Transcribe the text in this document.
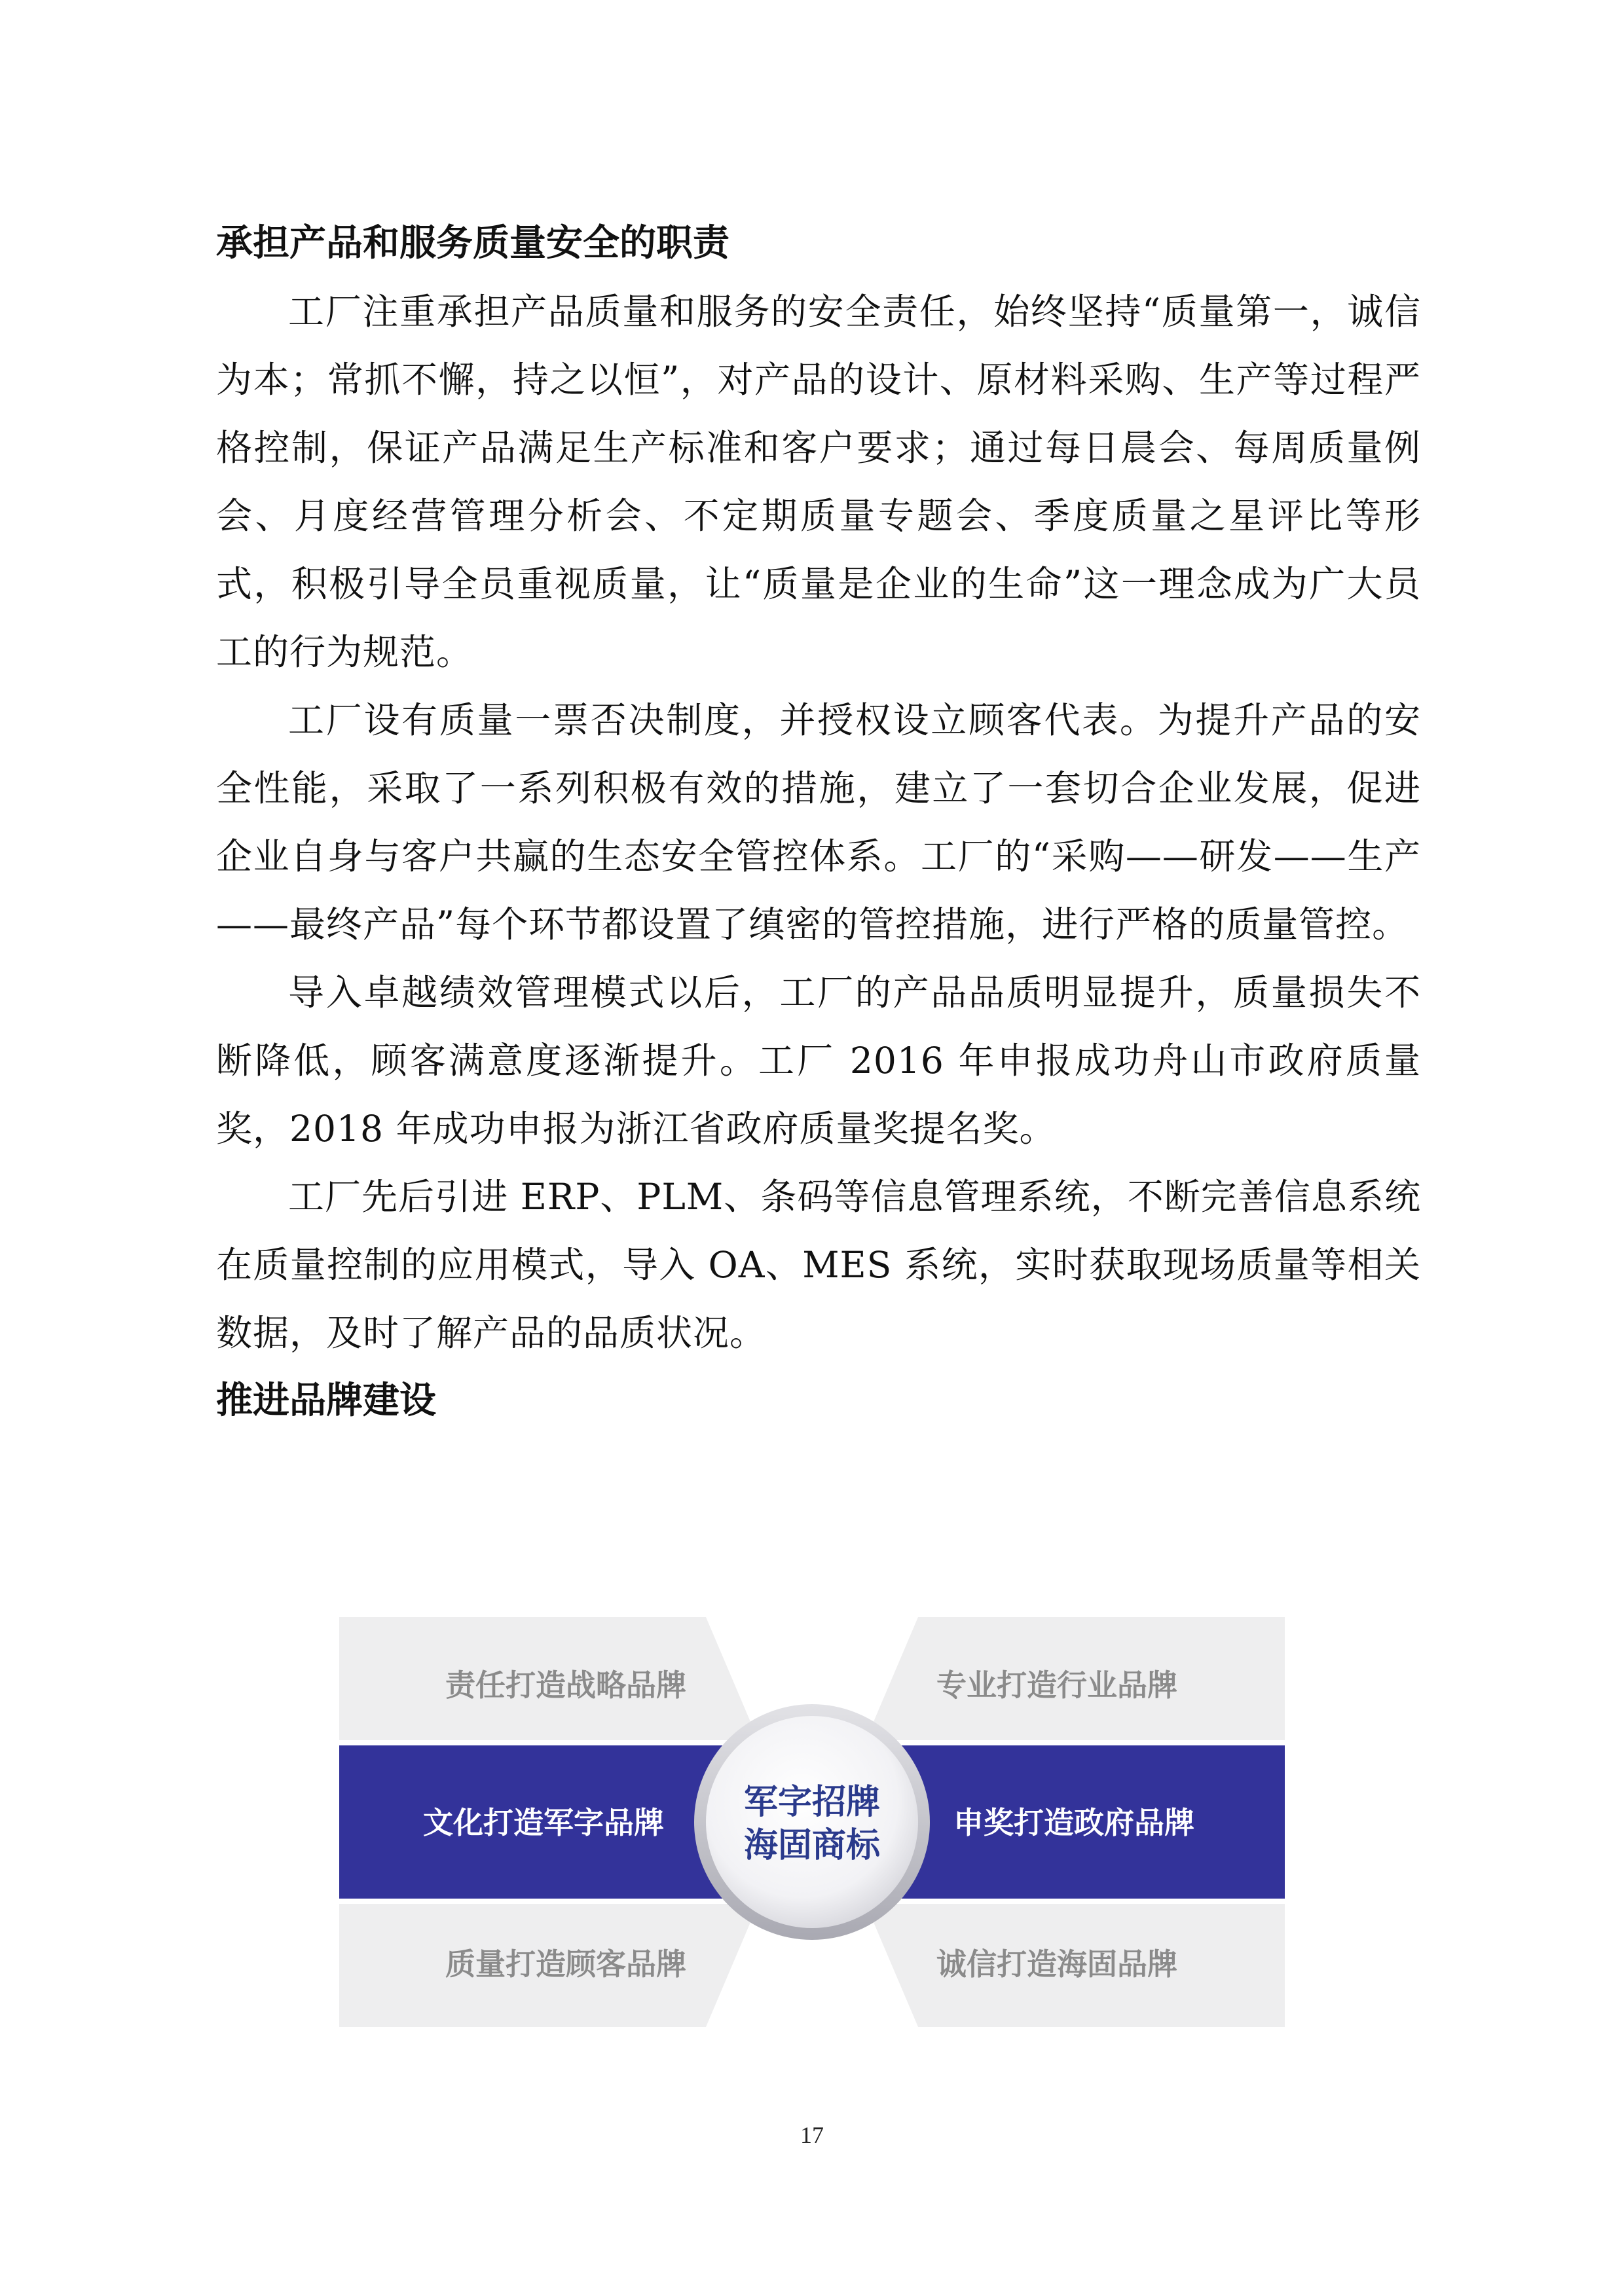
承担产品和服务质量安全的职责

工厂注重承担产品质量和服务的安全责任，始终坚持“质量第一，诚信为本；常抓不懈，持之以恒”，对产品的设计、原材料采购、生产等过程严格控制，保证产品满足生产标准和客户要求；通过每日晨会、每周质量例会、月度经营管理分析会、不定期质量专题会、季度质量之星评比等形式，积极引导全员重视质量，让“质量是企业的生命”这一理念成为广大员工的行为规范。

工厂设有质量一票否决制度，并授权设立顾客代表。为提升产品的安全性能，采取了一系列积极有效的措施，建立了一套切合企业发展，促进企业自身与客户共赢的生态安全管控体系。工厂的“采购——研发——生产——最终产品”每个环节都设置了缜密的管控措施，进行严格的质量管控。

导入卓越绩效管理模式以后，工厂的产品品质明显提升，质量损失不断降低，顾客满意度逐渐提升。工厂 2016 年申报成功舟山市政府质量奖，2018 年成功申报为浙江省政府质量奖提名奖。

工厂先后引进 ERP、PLM、条码等信息管理系统，不断完善信息系统在质量控制的应用模式，导入 OA、MES 系统，实时获取现场质量等相关数据，及时了解产品的品质状况。

推进品牌建设

责任打造战略品牌	专业打造行业品牌
文化打造军字品牌	申奖打造政府品牌
质量打造顾客品牌	诚信打造海固品牌
军字招牌
海固商标
17
